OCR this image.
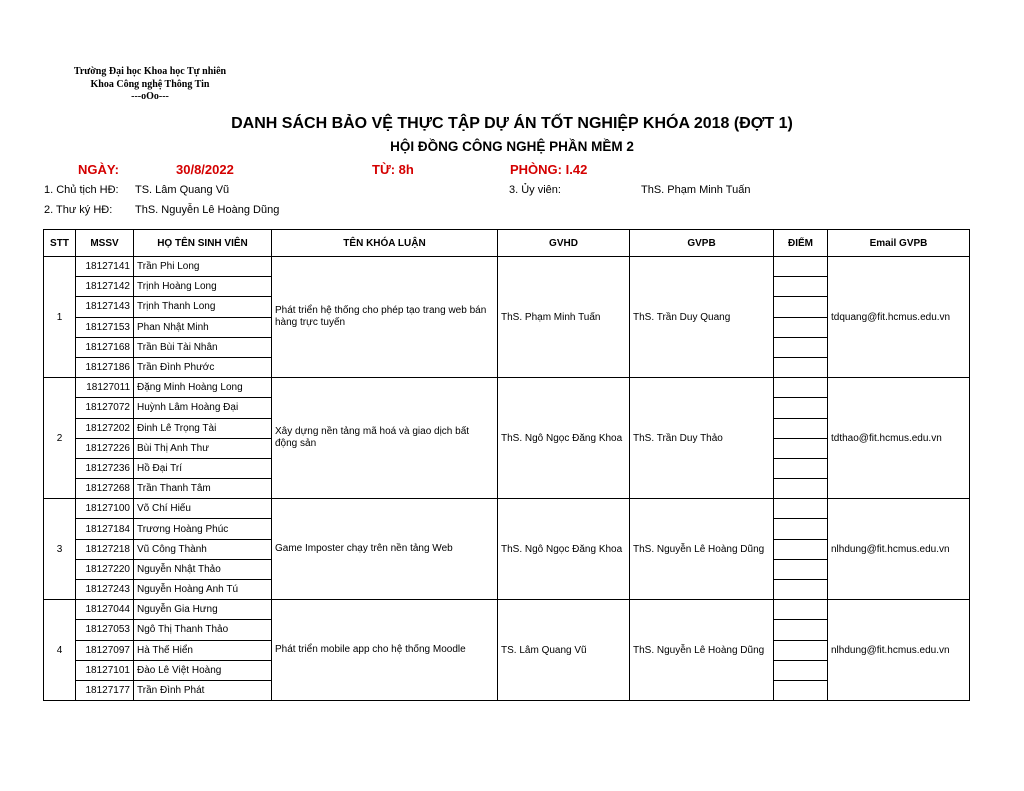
Trường Đại học Khoa học Tự nhiên
Khoa Công nghệ Thông Tin
---oOo---
DANH SÁCH BẢO VỆ THỰC TẬP DỰ ÁN TỐT NGHIỆP KHÓA 2018 (ĐỢT 1)
HỘI ĐỒNG CÔNG NGHỆ PHẦN MỀM 2
NGÀY:	30/8/2022	TỪ: 8h	PHÒNG: I.42
1. Chủ tịch HĐ: TS. Lâm Quang Vũ	3. Ủy viên:	ThS. Phạm Minh Tuấn
2. Thư ký HĐ: ThS. Nguyễn Lê Hoàng Dũng
STT	MSSV	HỌ TÊN SINH VIÊN	TÊN KHÓA LUẬN	GVHD	GVPB	ĐIỂM	Email GVPB
1	18127141	Trần Phi Long	Phát triển hệ thống cho phép tạo trang web bán hàng trực tuyến	ThS. Phạm Minh Tuấn	ThS. Trần Duy Quang		tdquang@fit.hcmus.edu.vn
	18127142	Trịnh Hoàng Long					
	18127143	Trịnh Thanh Long					
	18127153	Phan Nhật Minh					
	18127168	Trần Bùi Tài Nhân					
	18127186	Trần Đình Phước					
2	18127011	Đặng Minh Hoàng Long	Xây dựng nền tảng mã hoá và giao dịch bất động sản	ThS. Ngô Ngọc Đăng Khoa	ThS. Trần Duy Thảo		tdthao@fit.hcmus.edu.vn
	18127072	Huỳnh Lâm Hoàng Đại					
	18127202	Đinh Lê Trọng Tài					
	18127226	Bùi Thị Anh Thư					
	18127236	Hồ Đại Trí					
	18127268	Trần Thanh Tâm					
3	18127100	Võ Chí Hiếu	Game Imposter chạy trên nền tảng Web	ThS. Ngô Ngọc Đăng Khoa	ThS. Nguyễn Lê Hoàng Dũng		nlhdung@fit.hcmus.edu.vn
	18127184	Trương Hoàng Phúc					
	18127218	Vũ Công Thành					
	18127220	Nguyễn Nhật Thảo					
	18127243	Nguyễn Hoàng Anh Tú					
4	18127044	Nguyễn Gia Hưng	Phát triển mobile app cho hệ thống Moodle	TS. Lâm Quang Vũ	ThS. Nguyễn Lê Hoàng Dũng		nlhdung@fit.hcmus.edu.vn
	18127053	Ngô Thị Thanh Thảo					
	18127097	Hà Thế Hiển					
	18127101	Đào Lê Việt Hoàng					
	18127177	Trần Đình Phát					
